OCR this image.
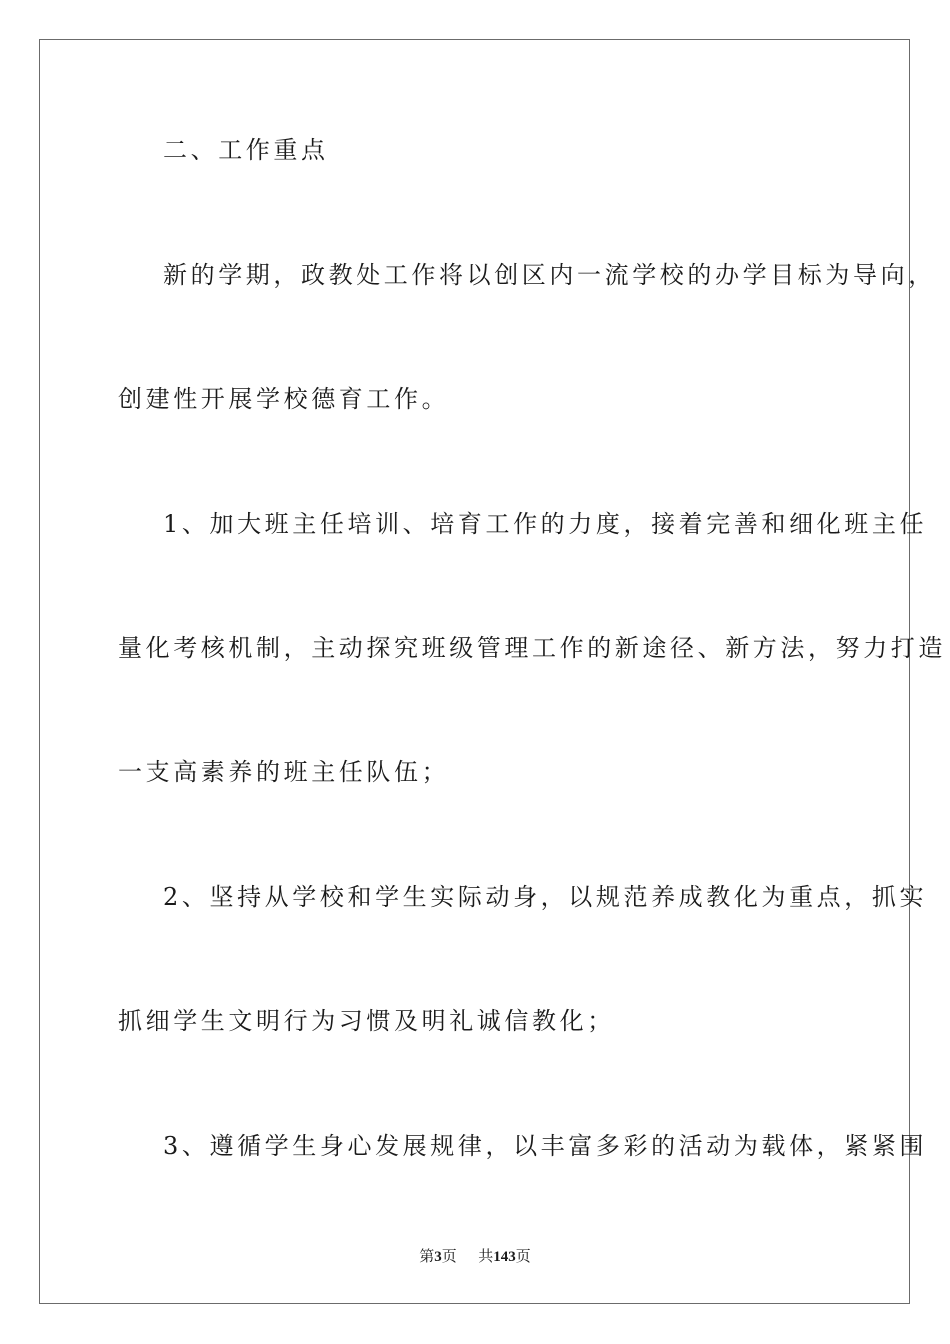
二、工作重点
新的学期，政教处工作将以创区内一流学校的办学目标为导向，
创建性开展学校德育工作。
1、加大班主任培训、培育工作的力度，接着完善和细化班主任
量化考核机制，主动探究班级管理工作的新途径、新方法，努力打造
一支高素养的班主任队伍；
2、坚持从学校和学生实际动身，以规范养成教化为重点，抓实
抓细学生文明行为习惯及明礼诚信教化；
3、遵循学生身心发展规律，以丰富多彩的活动为载体，紧紧围
第3页 共143页
